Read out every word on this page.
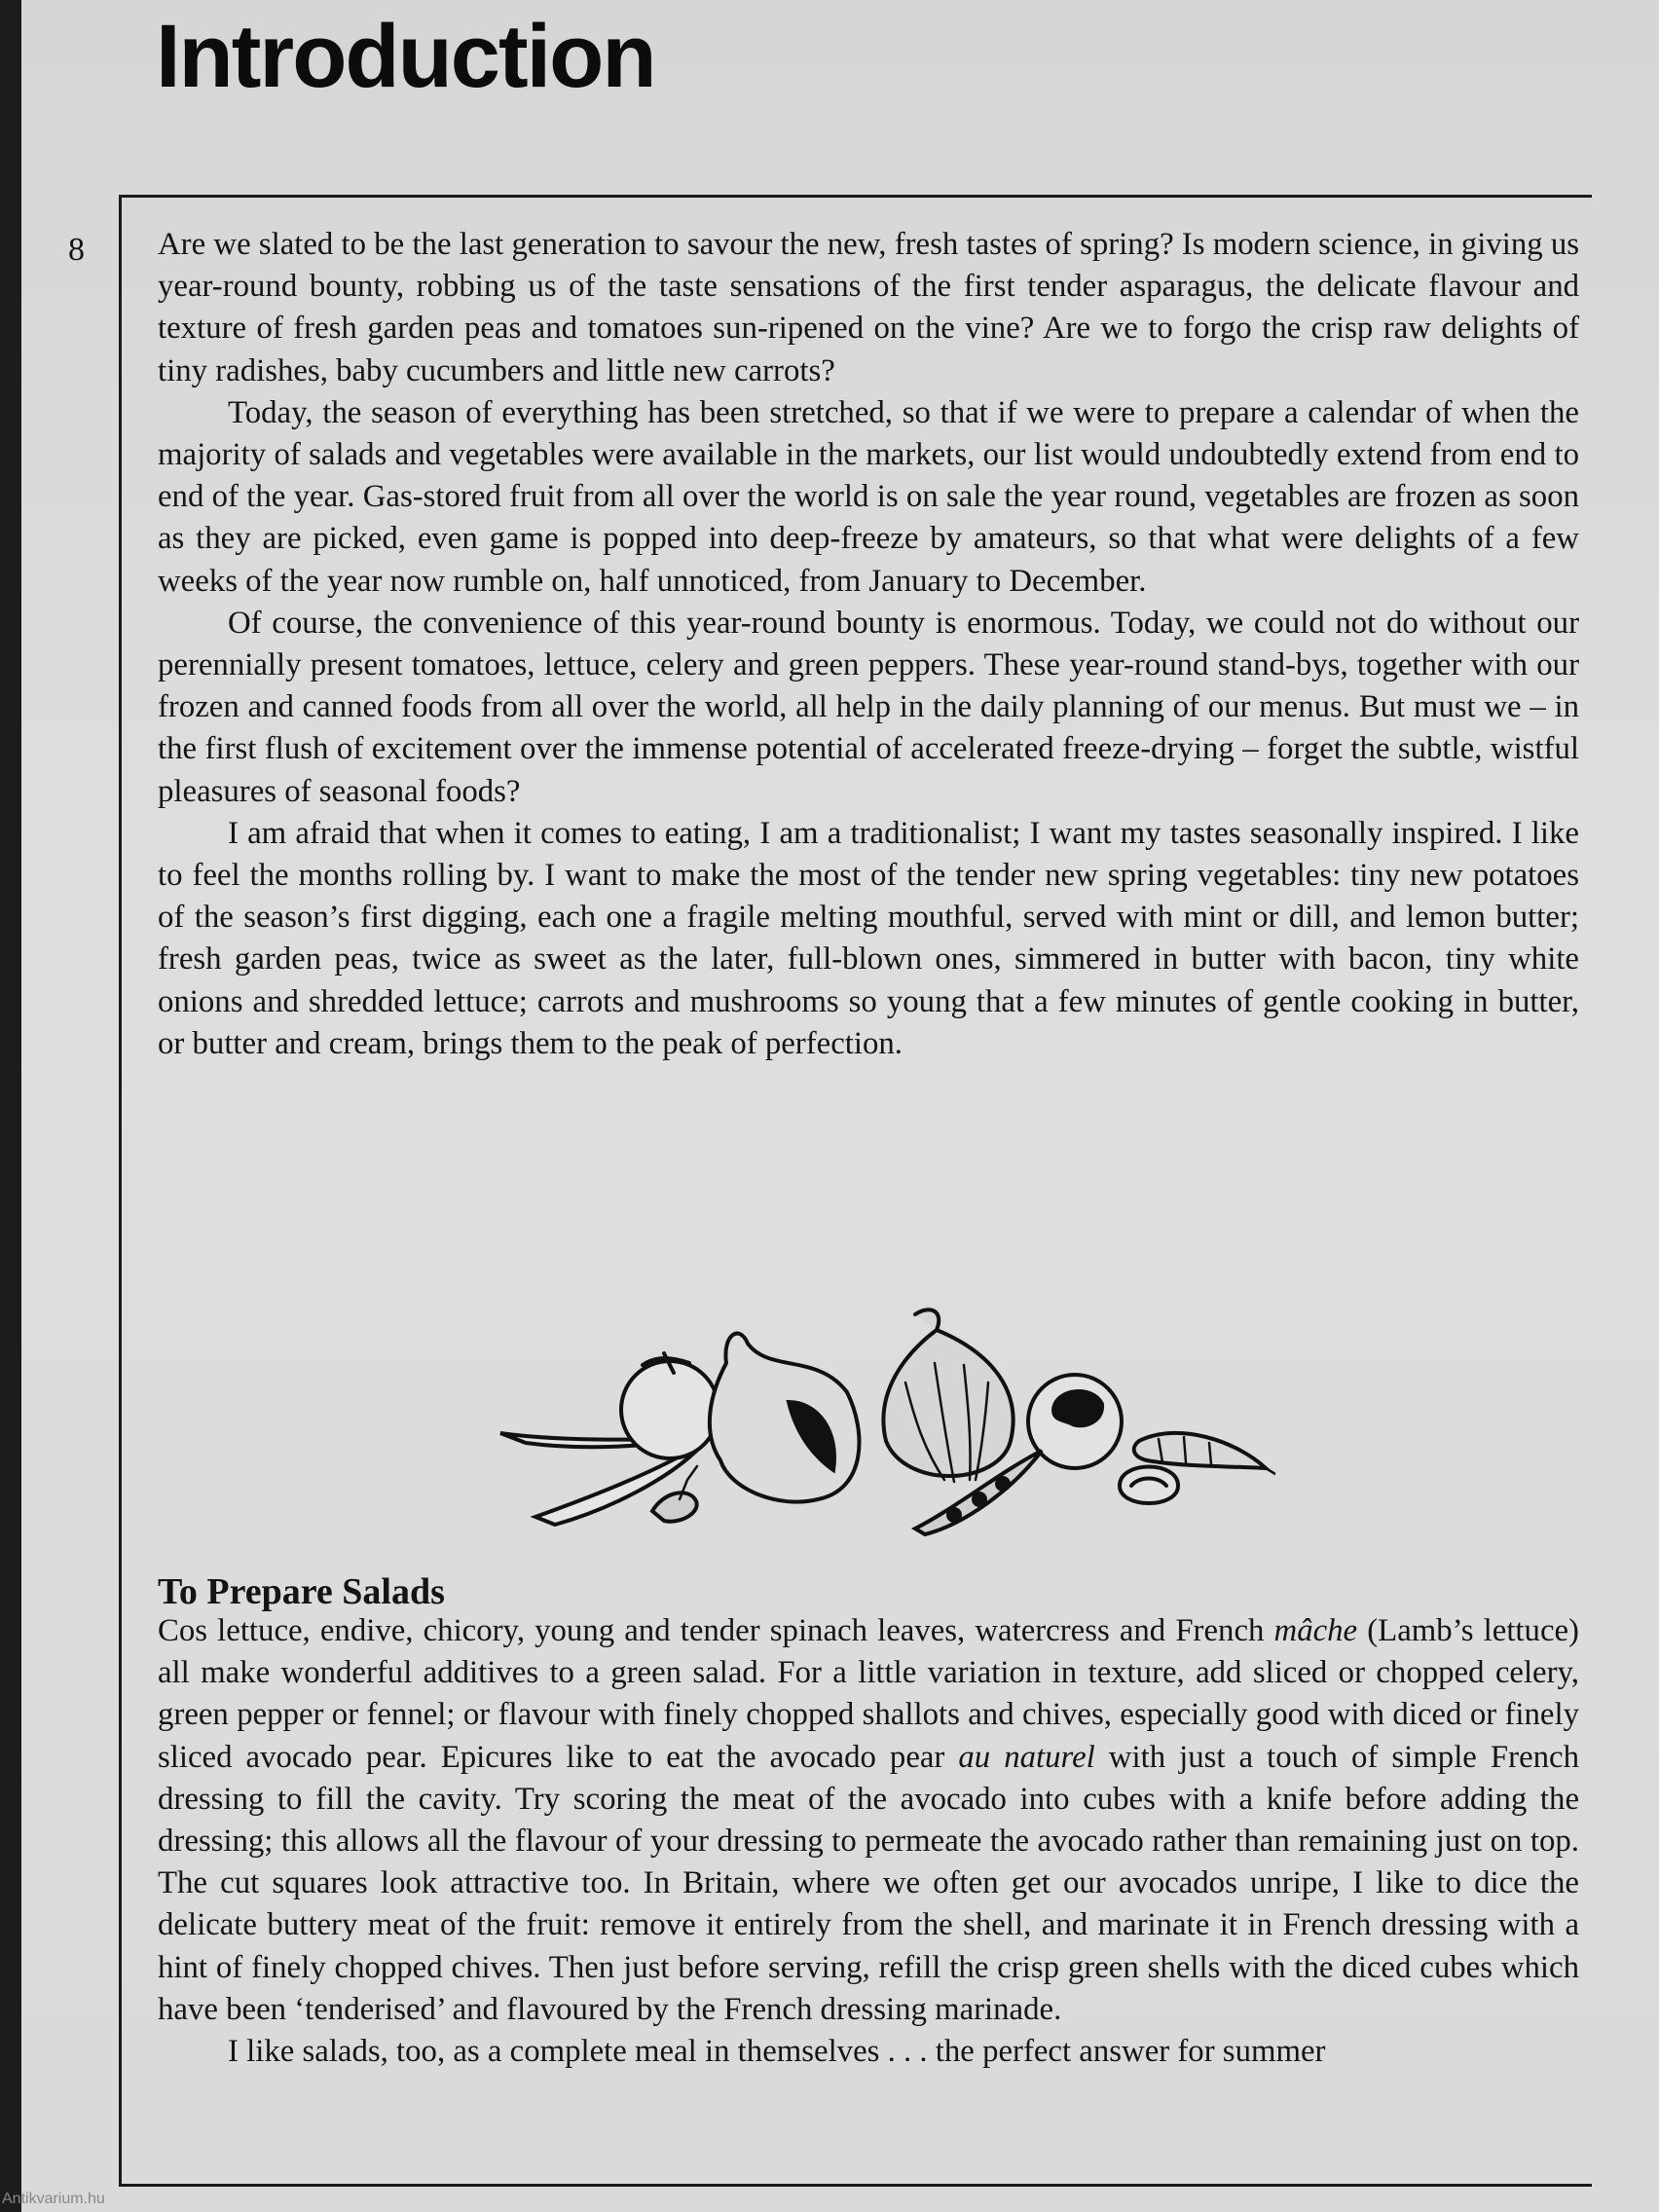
Introduction

8 Are we slated to be the last generation to savour the new, fresh tastes of spring? Is modern science, in giving us year-round bounty, robbing us of the taste sensations of the first tender asparagus, the delicate flavour and texture of fresh garden peas and tomatoes sun-ripened on the vine? Are we to forgo the crisp raw delights of tiny radishes, baby cucumbers and little new carrots?

Today, the season of everything has been stretched, so that if we were to prepare a calendar of when the majority of salads and vegetables were available in the markets, our list would undoubtedly extend from end to end of the year. Gas-stored fruit from all over the world is on sale the year round, vegetables are frozen as soon as they are picked, even game is popped into deep-freeze by amateurs, so that what were delights of a few weeks of the year now rumble on, half unnoticed, from January to December.

Of course, the convenience of this year-round bounty is enormous. Today, we could not do without our perennially present tomatoes, lettuce, celery and green peppers. These year-round stand-bys, together with our frozen and canned foods from all over the world, all help in the daily planning of our menus. But must we – in the first flush of excitement over the immense potential of accelerated freeze-drying – forget the subtle, wistful pleasures of seasonal foods?

I am afraid that when it comes to eating, I am a traditionalist; I want my tastes seasonally inspired. I like to feel the months rolling by. I want to make the most of the tender new spring vegetables: tiny new potatoes of the season’s first digging, each one a fragile melting mouthful, served with mint or dill, and lemon butter; fresh garden peas, twice as sweet as the later, full-blown ones, simmered in butter with bacon, tiny white onions and shredded lettuce; carrots and mushrooms so young that a few minutes of gentle cooking in butter, or butter and cream, brings them to the peak of perfection.

To Prepare Salads

Cos lettuce, endive, chicory, young and tender spinach leaves, watercress and French mâche (Lamb’s lettuce) all make wonderful additives to a green salad. For a little variation in texture, add sliced or chopped celery, green pepper or fennel; or flavour with finely chopped shallots and chives, especially good with diced or finely sliced avocado pear. Epicures like to eat the avocado pear au naturel with just a touch of simple French dressing to fill the cavity. Try scoring the meat of the avocado into cubes with a knife before adding the dressing; this allows all the flavour of your dressing to permeate the avocado rather than remaining just on top. The cut squares look attractive too. In Britain, where we often get our avocados unripe, I like to dice the delicate buttery meat of the fruit: remove it entirely from the shell, and marinate it in French dressing with a hint of finely chopped chives. Then just before serving, refill the crisp green shells with the diced cubes which have been ‘tenderised’ and flavoured by the French dressing marinade.

I like salads, too, as a complete meal in themselves . . . the perfect answer for summer

Antikvarium.hu
